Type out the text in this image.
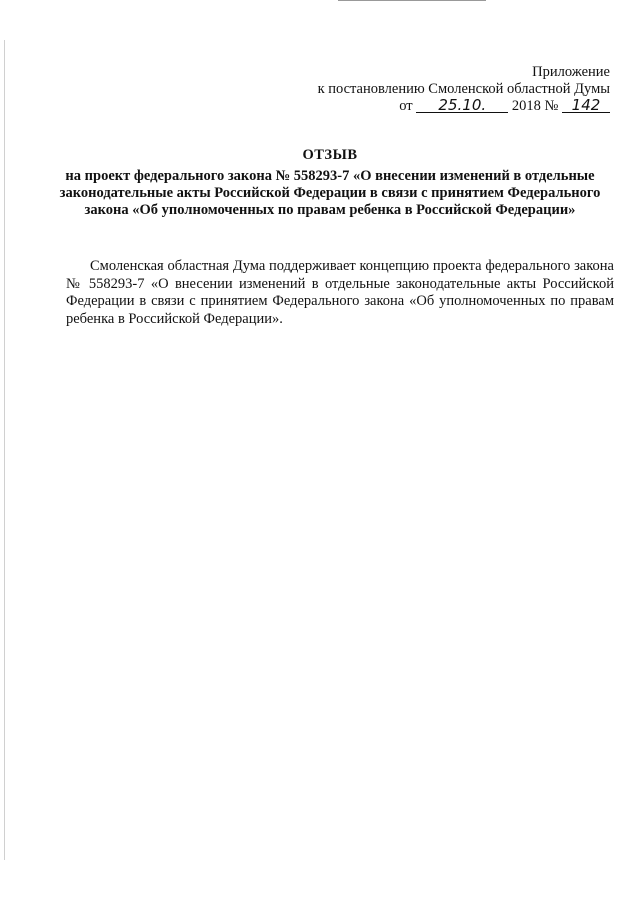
Приложение
к постановлению Смоленской областной Думы
от 25.10. 2018 № 142
ОТЗЫВ
на проект федерального закона № 558293-7 «О внесении изменений в отдельные законодательные акты Российской Федерации в связи с принятием Федерального закона «Об уполномоченных по правам ребенка в Российской Федерации»

Смоленская областная Дума поддерживает концепцию проекта федерального закона № 558293-7 «О внесении изменений в отдельные законодательные акты Российской Федерации в связи с принятием Федерального закона «Об уполномоченных по правам ребенка в Российской Федерации».
